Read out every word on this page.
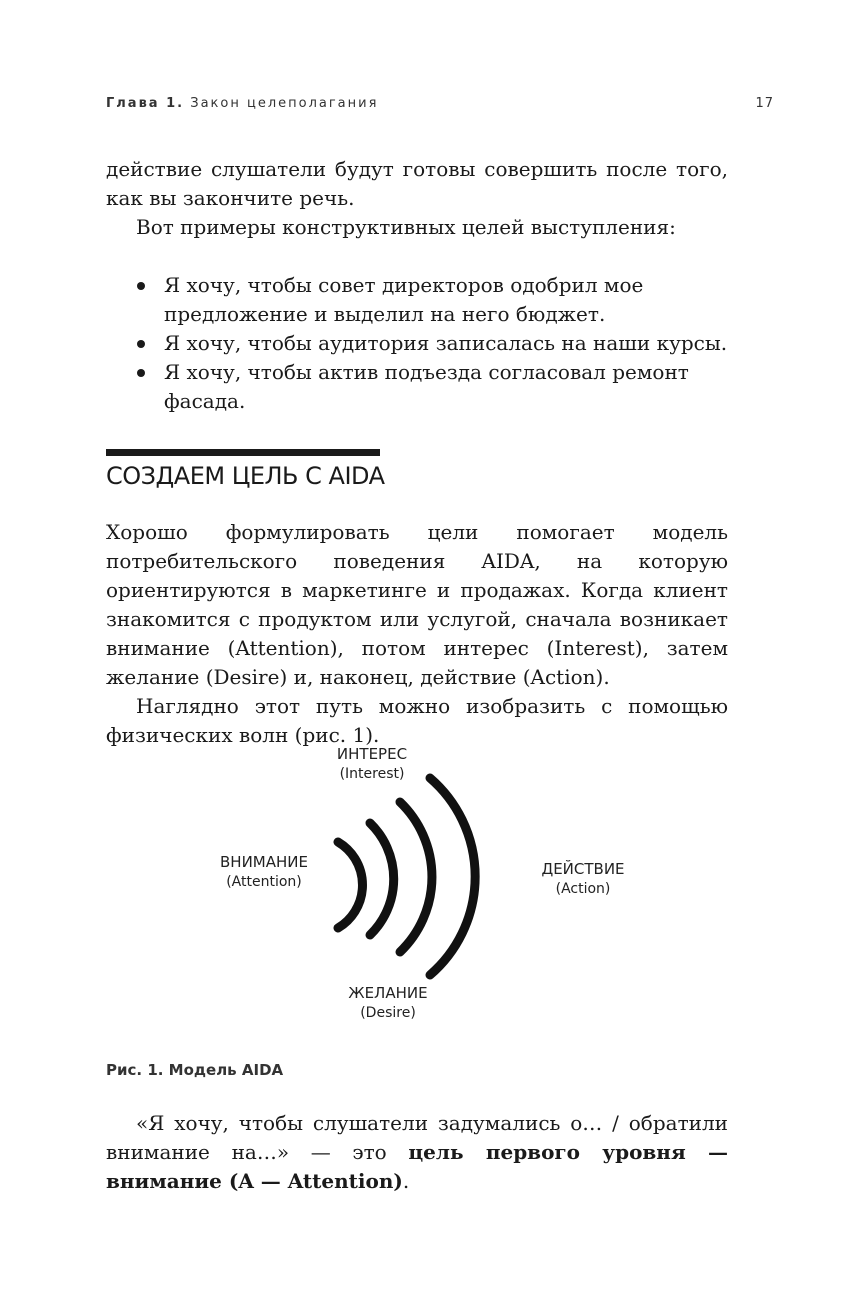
Глава 1. Закон целеполагания	17

действие слушатели будут готовы совершить после того, как вы закончите речь.

Вот примеры конструктивных целей выступления:

Я хочу, чтобы совет директоров одобрил мое предложение и выделил на него бюджет.
Я хочу, чтобы аудитория записалась на наши курсы.
Я хочу, чтобы актив подъезда согласовал ремонт фасада.
СОЗДАЕМ ЦЕЛЬ С AIDA

Хорошо формулировать цели помогает модель потребительского поведения AIDA, на которую ориентируются в маркетинге и продажах. Когда клиент знакомится с продуктом или услугой, сначала возникает внимание (Attention), потом интерес (Interest), затем желание (Desire) и, наконец, действие (Action).

Наглядно этот путь можно изобразить с помощью физических волн (рис. 1).

ВНИМАНИЕ
(Attention)
ИНТЕРЕС
(Interest)
ЖЕЛАНИЕ
(Desire)
ДЕЙСТВИЕ
(Action)
Рис. 1. Модель AIDA
«Я хочу, чтобы слушатели задумались о… / обратили внимание на…» — это цель первого уровня — внимание (A — Attention).
